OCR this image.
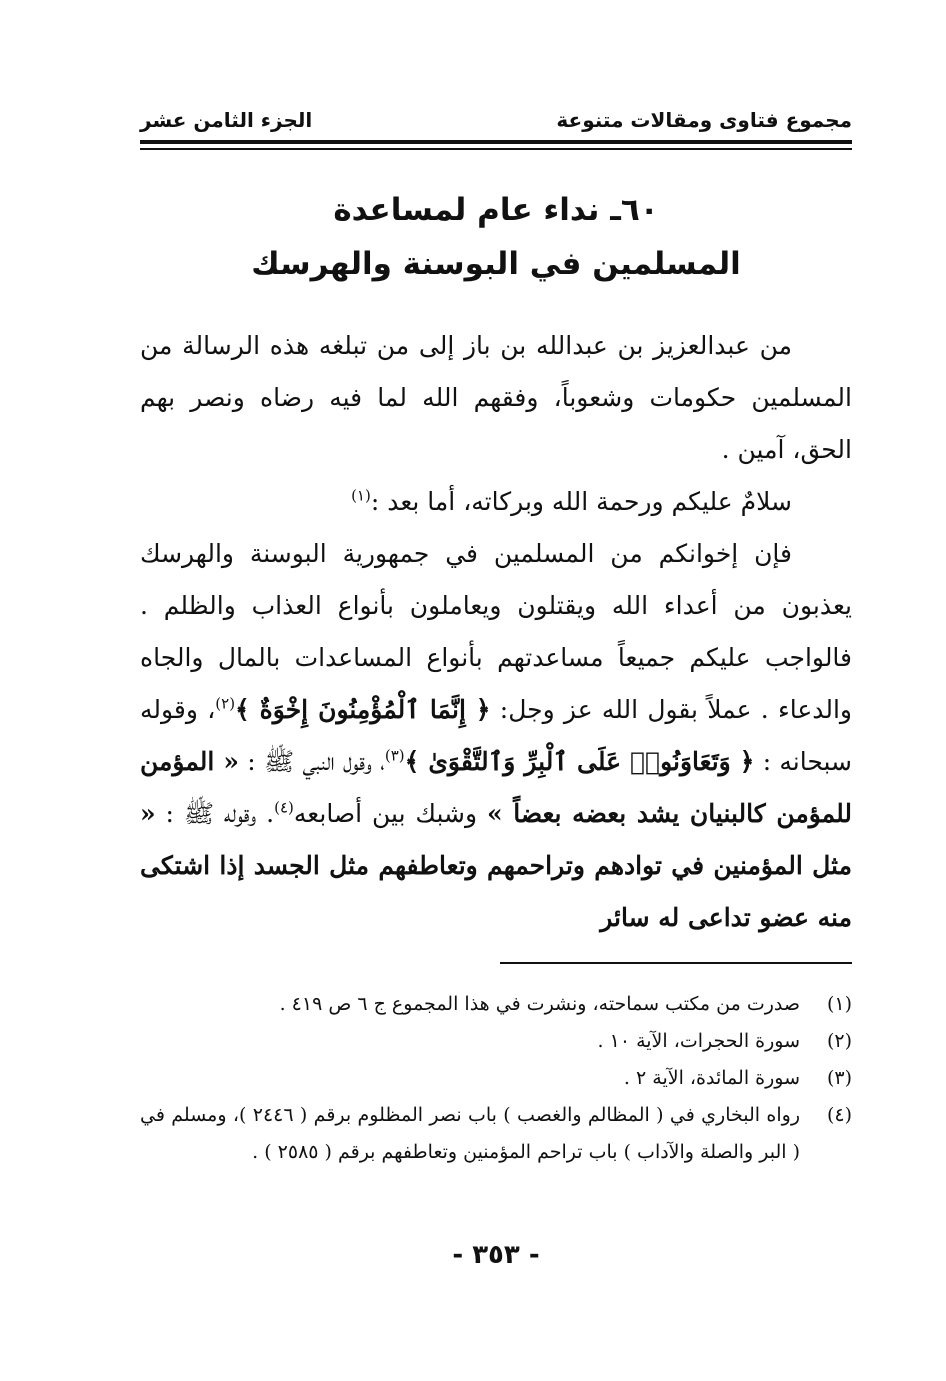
مجموع فتاوى ومقالات متنوعة
الجزء الثامن عشر
٦٠ـ نداء عام لمساعدة
المسلمين في البوسنة والهرسك

من عبدالعزيز بن عبدالله بن باز إلى من تبلغه هذه الرسالة من المسلمين حكومات وشعوباً، وفقهم الله لما فيه رضاه ونصر بهم الحق، آمين .

سلامٌ عليكم ورحمة الله وبركاته، أما بعد :$^{(١)}$

فإن إخوانكم من المسلمين في جمهورية البوسنة والهرسك يعذبون من أعداء الله ويقتلون ويعاملون بأنواع العذاب والظلم . فالواجب عليكم جميعاً مساعدتهم بأنواع المساعدات بالمال والجاه والدعاء . عملاً بقول الله عز وجل: ﴿ إِنَّمَا ٱلْمُؤْمِنُونَ إِخْوَةٌ ﴾$^{(٢)}$، وقوله سبحانه : ﴿ وَتَعَاوَنُوا۟ عَلَى ٱلْبِرِّ وَٱلتَّقْوَىٰ ﴾$^{(٣)}$، وقول النبي ﷺ : « المؤمن للمؤمن كالبنيان يشد بعضه بعضاً » وشبك بين أصابعه$^{(٤)}$. وقوله ﷺ : « مثل المؤمنين في توادهم وتراحمهم وتعاطفهم مثل الجسد إذا اشتكى منه عضو تداعى له سائر

(١)
صدرت من مكتب سماحته، ونشرت في هذا المجموع ج ٦ ص ٤١٩ .
(٢)
سورة الحجرات، الآية ١٠ .
(٣)
سورة المائدة، الآية ٢ .
(٤)
رواه البخاري في ( المظالم والغصب ) باب نصر المظلوم برقم ( ٢٤٤٦ )، ومسلم في ( البر والصلة والآداب ) باب تراحم المؤمنين وتعاطفهم برقم ( ٢٥٨٥ ) .
- ٣٥٣ -
